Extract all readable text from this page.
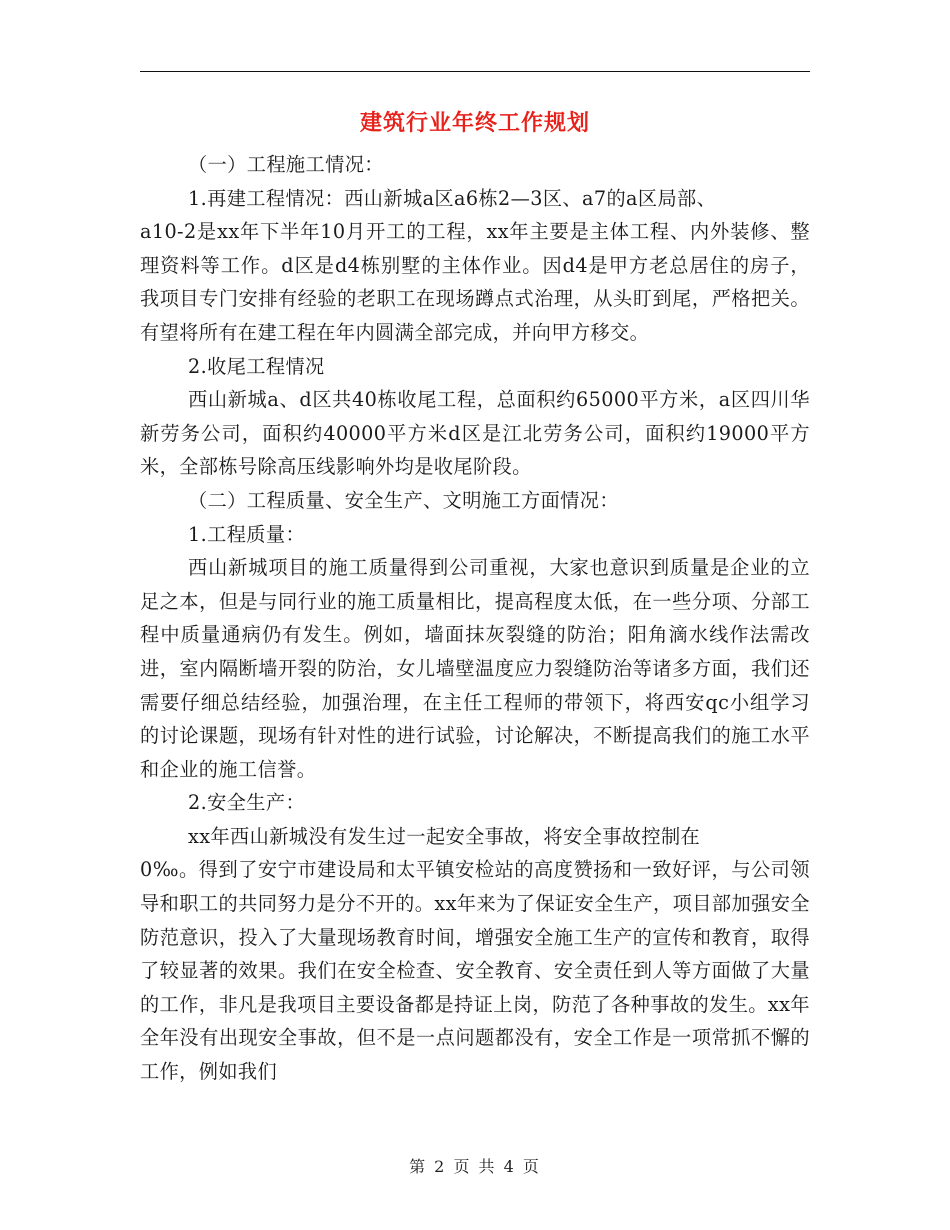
建筑行业年终工作规划

（一）工程施工情况：

1.再建工程情况：西山新城a区a6栋2—3区、a7的a区局部、
a10-2是xx年下半年10月开工的工程，xx年主要是主体工程、内外装修、整理资料等工作。d区是d4栋别墅的主体作业。因d4是甲方老总居住的房子，我项目专门安排有经验的老职工在现场蹲点式治理，从头盯到尾，严格把关。有望将所有在建工程在年内圆满全部完成，并向甲方移交。

2.收尾工程情况

西山新城a、d区共40栋收尾工程，总面积约65000平方米，a区四川华新劳务公司，面积约40000平方米d区是江北劳务公司，面积约19000平方米，全部栋号除高压线影响外均是收尾阶段。

（二）工程质量、安全生产、文明施工方面情况：

1.工程质量：

西山新城项目的施工质量得到公司重视，大家也意识到质量是企业的立足之本，但是与同行业的施工质量相比，提高程度太低，在一些分项、分部工程中质量通病仍有发生。例如，墙面抹灰裂缝的防治；阳角滴水线作法需改进，室内隔断墙开裂的防治，女儿墙壁温度应力裂缝防治等诸多方面，我们还需要仔细总结经验，加强治理，在主任工程师的带领下，将西安qc小组学习的讨论课题，现场有针对性的进行试验，讨论解决，不断提高我们的施工水平和企业的施工信誉。

2.安全生产：

xx年西山新城没有发生过一起安全事故，将安全事故控制在
0‰。得到了安宁市建设局和太平镇安检站的高度赞扬和一致好评，与公司领导和职工的共同努力是分不开的。xx年来为了保证安全生产，项目部加强安全防范意识，投入了大量现场教育时间，增强安全施工生产的宣传和教育，取得了较显著的效果。我们在安全检查、安全教育、安全责任到人等方面做了大量的工作，非凡是我项目主要设备都是持证上岗，防范了各种事故的发生。xx年全年没有出现安全事故，但不是一点问题都没有，安全工作是一项常抓不懈的工作，例如我们

第 2 页 共 4 页
